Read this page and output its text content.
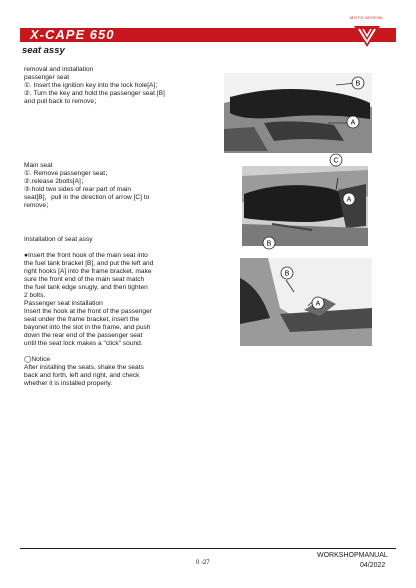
X-CAPE 650
MOTO MORINI
seat assy
removal and installation
passenger seat
①. Insert the ignition key into the lock hole[A]；
②. Turn the key and hold the passenger seat [B]
and pull back to remove；
B
A
Main seat
①. Remove passenger seat；
②.release 2bolts[A]；
③.hold two sides of rear part of main
seat[B]，pull in the direction of arrow [C] to
remove；
C
A
B
Installation of seat assy
●Insert the front hook of the main seat into
the fuel tank bracket [B], and put the left and
right hooks [A] into the frame bracket, make
sure the front end of the main seat match
the fuel tank edge snugly, and then tighten
2 bolts.
Passenger seat installation
Insert the hook at the front of the passenger
seat under the frame bracket, insert the
bayonet into the slot in the frame, and push
down the rear end of the passenger seat
until the seat lock makes a "click" sound.
B
A
◯Notice
After installing the seats, shake the seats
back and forth, left and right, and check
whether it is installed properly.
WORKSHOPMANUAL
0 -27	04/2022
